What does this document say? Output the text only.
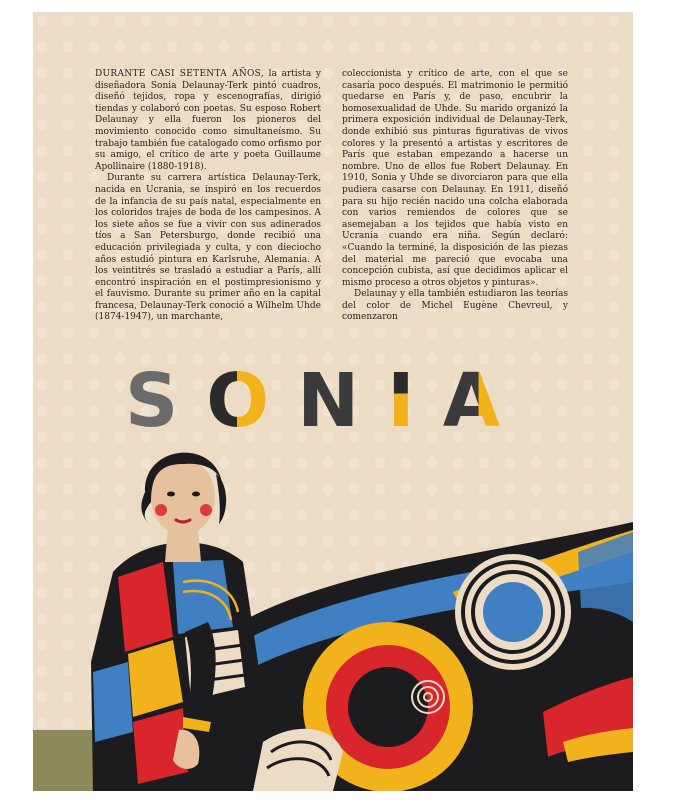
DURANTE CASI SETENTA AÑOS, la artista y diseñadora Sonia Delaunay-Terk pintó cuadros, diseñó tejidos, ropa y escenografías, dirigió tiendas y colaboró con poetas. Su esposo Robert Delaunay y ella fueron los pioneros del movimiento conocido como simultaneísmo. Su trabajo también fue catalogado como orfismo por su amigo, el crítico de arte y poeta Guillaume Apollinaire (1880-1918).

Durante su carrera artística Delaunay-Terk, nacida en Ucrania, se inspiró en los recuerdos de la infancia de su país natal, especialmente en los coloridos trajes de boda de los campesinos. A los siete años se fue a vivir con sus adinerados tíos a San Petersburgo, donde recibió una educación privilegiada y culta, y con dieciocho años estudió pintura en Karlsruhe, Alemania. A los veintitrés se trasladó a estudiar a París, allí encontró inspiración en el postimpresionismo y el fauvismo. Durante su primer año en la capital francesa, Delaunay-Terk conoció a Wilhelm Uhde (1874-1947), un marchante,

coleccionista y crítico de arte, con el que se casaría poco después. El matrimonio le permitió quedarse en París y, de paso, encubrir la homosexualidad de Uhde. Su marido organizó la primera exposición individual de Delaunay-Terk, donde exhibió sus pinturas figurativas de vivos colores y la presentó a artistas y escritores de París que estaban empezando a hacerse un nombre. Uno de ellos fue Robert Delaunay. En 1910, Sonia y Uhde se divorciaron para que ella pudiera casarse con Delaunay. En 1911, diseñó para su hijo recién nacido una colcha elaborada con varios remiendos de colores que se asemejaban a los tejidos que había visto en Ucrania cuando era niña. Según declaró: «Cuando la terminé, la disposición de las piezas del material me pareció que evocaba una concepción cubista, así que decidimos aplicar el mismo proceso a otros objetos y pinturas».

Delaunay y ella también estudiaron las teorías del color de Michel Eugène Chevreul, y comenzaron

S O N I A
